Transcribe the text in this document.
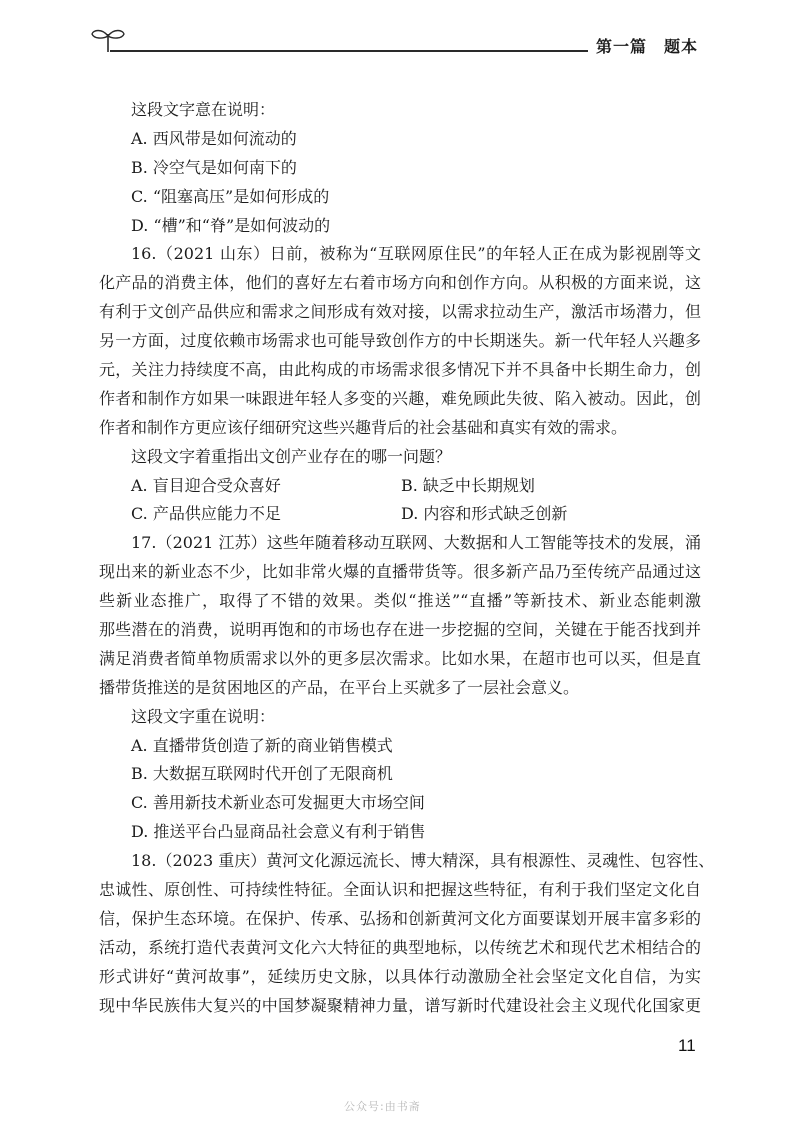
第一篇　题本
这段文字意在说明：
A. 西风带是如何流动的
B. 冷空气是如何南下的
C. “阻塞高压”是如何形成的
D. “槽”和“脊”是如何波动的
16.（2021 山东）日前，被称为“互联网原住民”的年轻人正在成为影视剧等文
化产品的消费主体，他们的喜好左右着市场方向和创作方向。从积极的方面来说，这
有利于文创产品供应和需求之间形成有效对接，以需求拉动生产，激活市场潜力，但
另一方面，过度依赖市场需求也可能导致创作方的中长期迷失。新一代年轻人兴趣多
元，关注力持续度不高，由此构成的市场需求很多情况下并不具备中长期生命力，创
作者和制作方如果一味跟进年轻人多变的兴趣，难免顾此失彼、陷入被动。因此，创
作者和制作方更应该仔细研究这些兴趣背后的社会基础和真实有效的需求。
这段文字着重指出文创产业存在的哪一问题？
A. 盲目迎合受众喜好	B. 缺乏中长期规划
C. 产品供应能力不足	D. 内容和形式缺乏创新
17.（2021 江苏）这些年随着移动互联网、大数据和人工智能等技术的发展，涌
现出来的新业态不少，比如非常火爆的直播带货等。很多新产品乃至传统产品通过这
些新业态推广，取得了不错的效果。类似“推送”“直播”等新技术、新业态能刺激
那些潜在的消费，说明再饱和的市场也存在进一步挖掘的空间，关键在于能否找到并
满足消费者简单物质需求以外的更多层次需求。比如水果，在超市也可以买，但是直
播带货推送的是贫困地区的产品，在平台上买就多了一层社会意义。
这段文字重在说明：
A. 直播带货创造了新的商业销售模式
B. 大数据互联网时代开创了无限商机
C. 善用新技术新业态可发掘更大市场空间
D. 推送平台凸显商品社会意义有利于销售
18.（2023 重庆）黄河文化源远流长、博大精深，具有根源性、灵魂性、包容性、
忠诚性、原创性、可持续性特征。全面认识和把握这些特征，有利于我们坚定文化自
信，保护生态环境。在保护、传承、弘扬和创新黄河文化方面要谋划开展丰富多彩的
活动，系统打造代表黄河文化六大特征的典型地标，以传统艺术和现代艺术相结合的
形式讲好“黄河故事”，延续历史文脉，以具体行动激励全社会坚定文化自信，为实
现中华民族伟大复兴的中国梦凝聚精神力量，谱写新时代建设社会主义现代化国家更
11
公众号:由书斋
